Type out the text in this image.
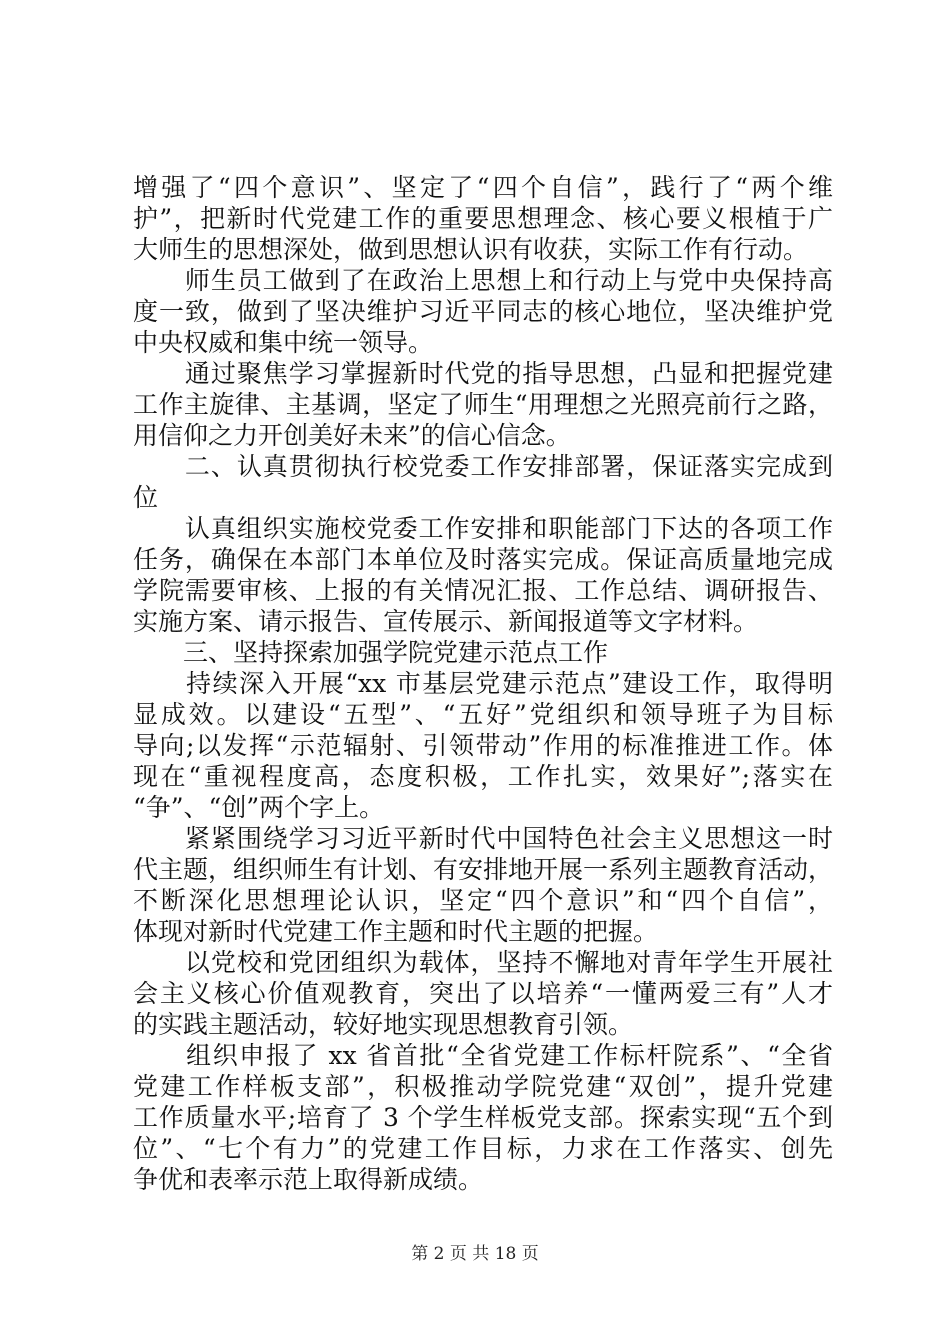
增强了“四个意识”、坚定了“四个自信”，践行了“两个维
护”，把新时代党建工作的重要思想理念、核心要义根植于广
大师生的思想深处，做到思想认识有收获，实际工作有行动。
　　师生员工做到了在政治上思想上和行动上与党中央保持高
度一致，做到了坚决维护习近平同志的核心地位，坚决维护党
中央权威和集中统一领导。
　　通过聚焦学习掌握新时代党的指导思想，凸显和把握党建
工作主旋律、主基调，坚定了师生“用理想之光照亮前行之路，
用信仰之力开创美好未来”的信心信念。
　　二、认真贯彻执行校党委工作安排部署，保证落实完成到
位
　　认真组织实施校党委工作安排和职能部门下达的各项工作
任务，确保在本部门本单位及时落实完成。保证高质量地完成
学院需要审核、上报的有关情况汇报、工作总结、调研报告、
实施方案、请示报告、宣传展示、新闻报道等文字材料。
　　三、坚持探索加强学院党建示范点工作
　　持续深入开展“xx 市基层党建示范点”建设工作，取得明
显成效。以建设“五型”、“五好”党组织和领导班子为目标
导向;以发挥“示范辐射、引领带动”作用的标准推进工作。体
现在“重视程度高，态度积极，工作扎实，效果好”;落实在
“争”、“创”两个字上。
　　紧紧围绕学习习近平新时代中国特色社会主义思想这一时
代主题，组织师生有计划、有安排地开展一系列主题教育活动，
不断深化思想理论认识，坚定“四个意识”和“四个自信”，
体现对新时代党建工作主题和时代主题的把握。
　　以党校和党团组织为载体，坚持不懈地对青年学生开展社
会主义核心价值观教育，突出了以培养“一懂两爱三有”人才
的实践主题活动，较好地实现思想教育引领。
　　组织申报了 xx 省首批“全省党建工作标杆院系”、“全省
党建工作样板支部”，积极推动学院党建“双创”，提升党建
工作质量水平;培育了 3 个学生样板党支部。探索实现“五个到
位”、“七个有力”的党建工作目标，力求在工作落实、创先
争优和表率示范上取得新成绩。
第 2 页 共 18 页
